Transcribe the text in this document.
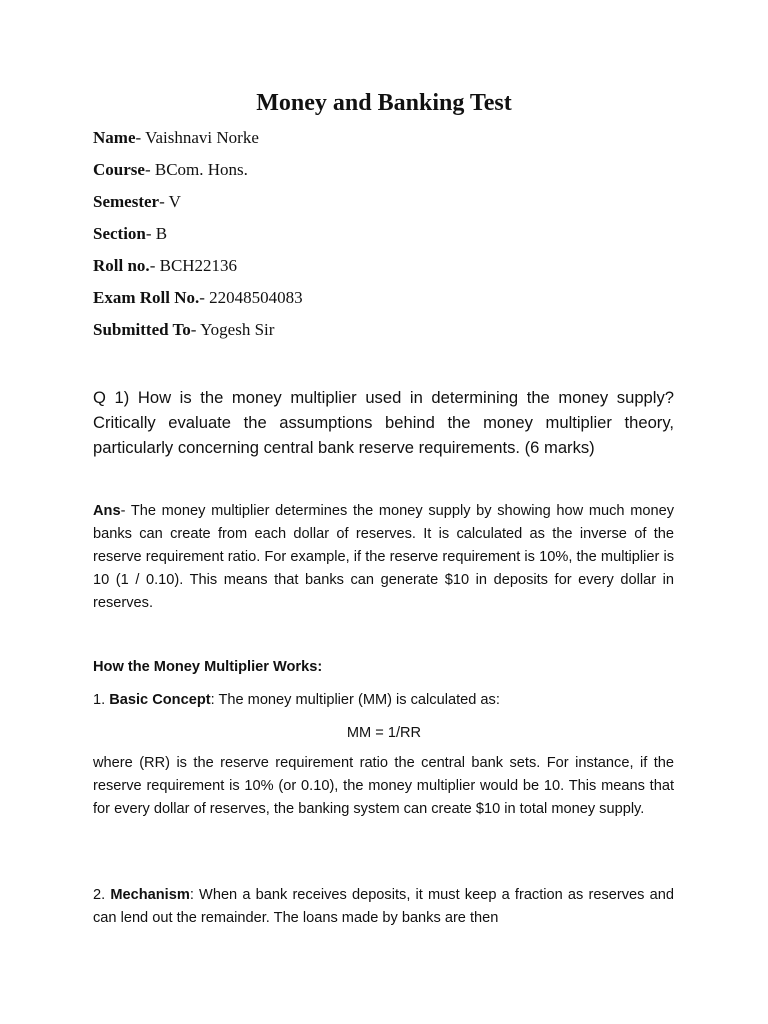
Money and Banking Test
Name- Vaishnavi Norke
Course- BCom. Hons.
Semester- V
Section- B
Roll no.- BCH22136
Exam Roll No.- 22048504083
Submitted To- Yogesh Sir
Q 1) How is the money multiplier used in determining the money supply? Critically evaluate the assumptions behind the money multiplier theory, particularly concerning central bank reserve requirements. (6 marks)
Ans- The money multiplier determines the money supply by showing how much money banks can create from each dollar of reserves. It is calculated as the inverse of the reserve requirement ratio. For example, if the reserve requirement is 10%, the multiplier is 10 (1 / 0.10). This means that banks can generate $10 in deposits for every dollar in reserves.
How the Money Multiplier Works:
1. Basic Concept: The money multiplier (MM) is calculated as:
MM = 1/RR
where (RR) is the reserve requirement ratio the central bank sets. For instance, if the reserve requirement is 10% (or 0.10), the money multiplier would be 10. This means that for every dollar of reserves, the banking system can create $10 in total money supply.
2. Mechanism: When a bank receives deposits, it must keep a fraction as reserves and can lend out the remainder. The loans made by banks are then
